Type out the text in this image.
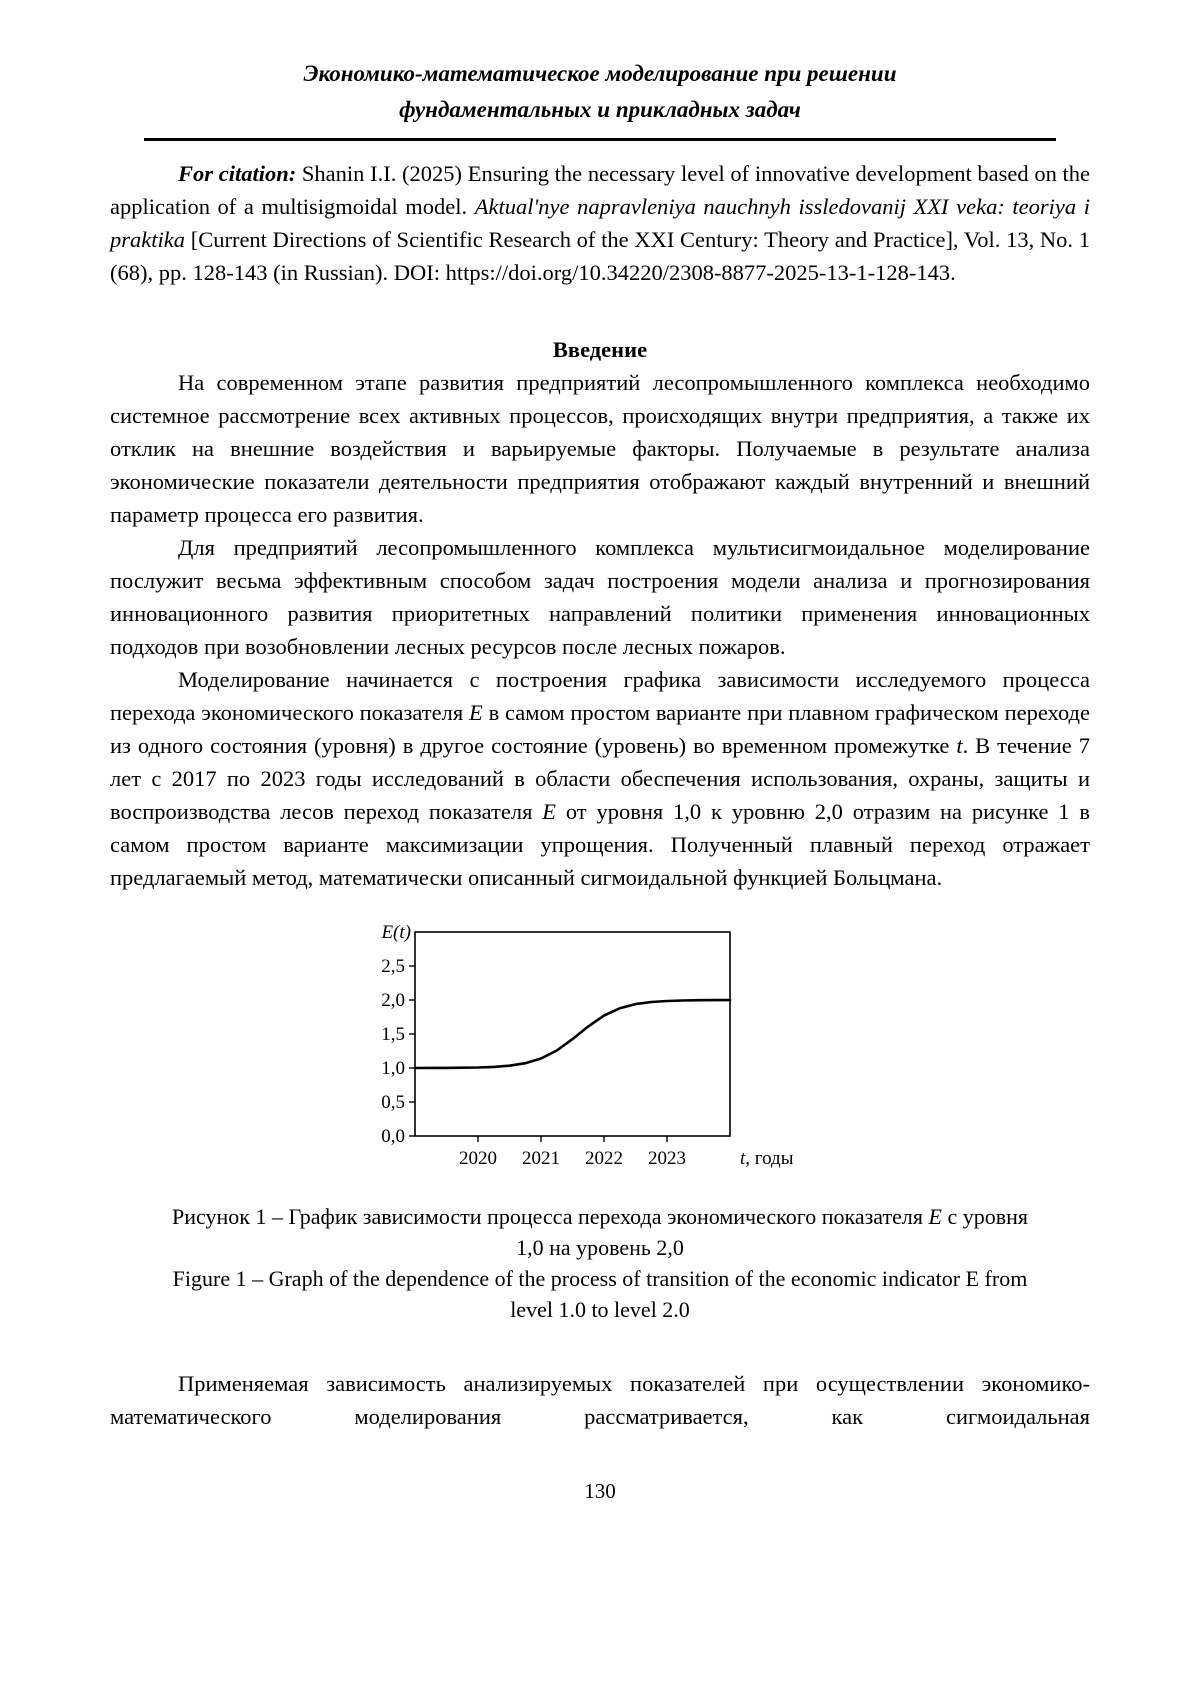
Экономико-математическое моделирование при решении
фундаментальных и прикладных задач

For citation: Shanin I.I. (2025) Ensuring the necessary level of innovative development based on the application of a multisigmoidal model. Aktual'nye napravleniya nauchnyh issledovanij XXI veka: teoriya i praktika [Current Directions of Scientific Research of the XXI Century: Theory and Practice], Vol. 13, No. 1 (68), pp. 128-143 (in Russian). DOI: https://doi.org/10.34220/2308-8877-2025-13-1-128-143.

Введение

На современном этапе развития предприятий лесопромышленного комплекса необходимо системное рассмотрение всех активных процессов, происходящих внутри предприятия, а также их отклик на внешние воздействия и варьируемые факторы. Получаемые в результате анализа экономические показатели деятельности предприятия отображают каждый внутренний и внешний параметр процесса его развития.

Для предприятий лесопромышленного комплекса мультисигмоидальное моделирование послужит весьма эффективным способом задач построения модели анализа и прогнозирования инновационного развития приоритетных направлений политики применения инновационных подходов при возобновлении лесных ресурсов после лесных пожаров.

Моделирование начинается с построения графика зависимости исследуемого процесса перехода экономического показателя E в самом простом варианте при плавном графическом переходе из одного состояния (уровня) в другое состояние (уровень) во временном промежутке t. В течение 7 лет с 2017 по 2023 годы исследований в области обеспечения использования, охраны, защиты и воспроизводства лесов переход показателя E от уровня 1,0 к уровню 2,0 отразим на рисунке 1 в самом простом варианте максимизации упрощения. Полученный плавный переход отражает предлагаемый метод, математически описанный сигмоидальной функцией Больцмана.

0,0
0,5
1,0
1,5
2,0
2,5
2020 2021 2022 2023
E(t)
t, годы
Рисунок 1 – График зависимости процесса перехода экономического показателя E с уровня
1,0 на уровень 2,0
Figure 1 – Graph of the dependence of the process of transition of the economic indicator E from
level 1.0 to level 2.0

Применяемая зависимость анализируемых показателей при осуществлении экономико-математического моделирования рассматривается, как сигмоидальная

130
